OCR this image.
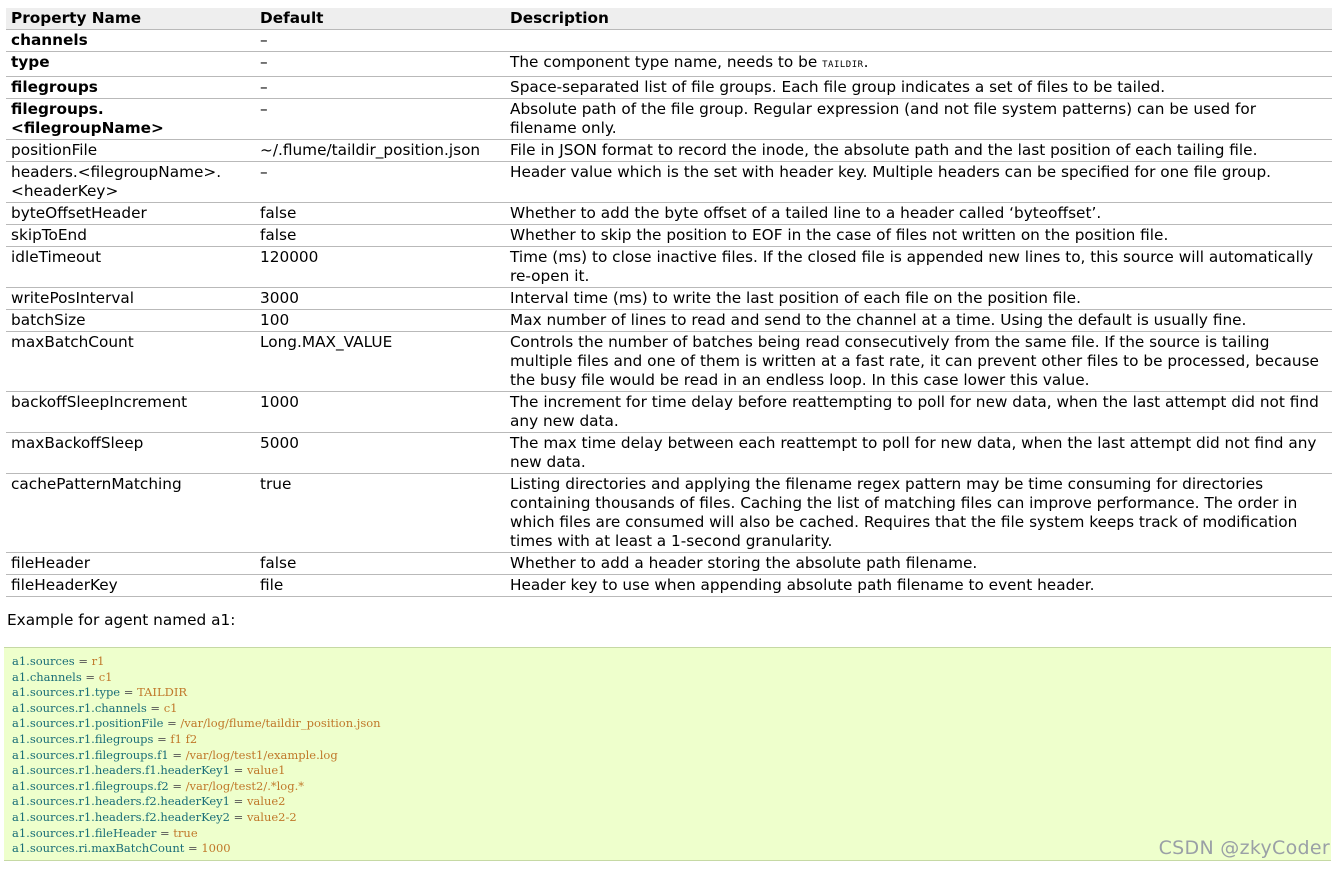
Property Name	Default	Description
channels	–	
type	–	The component type name, needs to be TAILDIR.
filegroups	–	Space-separated list of file groups. Each file group indicates a set of files to be tailed.
filegroups.<filegroupName>	–	Absolute path of the file group. Regular expression (and not file system patterns) can be used for filename only.
positionFile	~/.flume/taildir_position.json	File in JSON format to record the inode, the absolute path and the last position of each tailing file.
headers.<filegroupName>.<headerKey>	–	Header value which is the set with header key. Multiple headers can be specified for one file group.
byteOffsetHeader	false	Whether to add the byte offset of a tailed line to a header called ‘byteoffset’.
skipToEnd	false	Whether to skip the position to EOF in the case of files not written on the position file.
idleTimeout	120000	Time (ms) to close inactive files. If the closed file is appended new lines to, this source will automatically re-open it.
writePosInterval	3000	Interval time (ms) to write the last position of each file on the position file.
batchSize	100	Max number of lines to read and send to the channel at a time. Using the default is usually fine.
maxBatchCount	Long.MAX_VALUE	Controls the number of batches being read consecutively from the same file. If the source is tailing multiple files and one of them is written at a fast rate, it can prevent other files to be processed, because the busy file would be read in an endless loop. In this case lower this value.
backoffSleepIncrement	1000	The increment for time delay before reattempting to poll for new data, when the last attempt did not find any new data.
maxBackoffSleep	5000	The max time delay between each reattempt to poll for new data, when the last attempt did not find any new data.
cachePatternMatching	true	Listing directories and applying the filename regex pattern may be time consuming for directories containing thousands of files. Caching the list of matching files can improve performance. The order in which files are consumed will also be cached. Requires that the file system keeps track of modification times with at least a 1-second granularity.
fileHeader	false	Whether to add a header storing the absolute path filename.
fileHeaderKey	file	Header key to use when appending absolute path filename to event header.
Example for agent named a1:
a1.sources = r1
a1.channels = c1
a1.sources.r1.type = TAILDIR
a1.sources.r1.channels = c1
a1.sources.r1.positionFile = /var/log/flume/taildir_position.json
a1.sources.r1.filegroups = f1 f2
a1.sources.r1.filegroups.f1 = /var/log/test1/example.log
a1.sources.r1.headers.f1.headerKey1 = value1
a1.sources.r1.filegroups.f2 = /var/log/test2/.*log.*
a1.sources.r1.headers.f2.headerKey1 = value2
a1.sources.r1.headers.f2.headerKey2 = value2-2
a1.sources.r1.fileHeader = true
a1.sources.ri.maxBatchCount = 1000	CSDN @zkyCoder
